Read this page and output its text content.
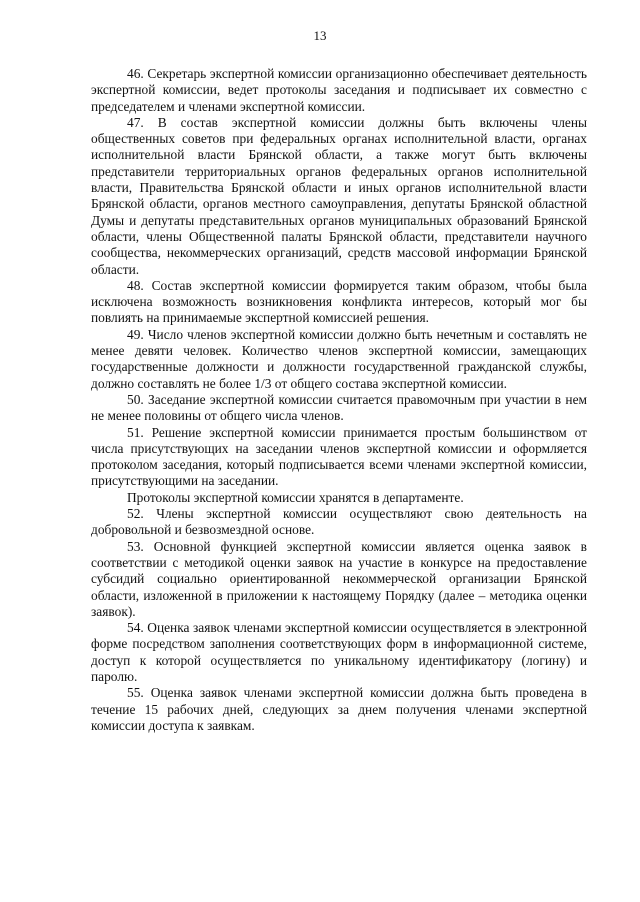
13

46. Секретарь экспертной комиссии организационно обеспечивает деятельность экспертной комиссии, ведет протоколы заседания и подписывает их совместно с председателем и членами экспертной комиссии.

47. В состав экспертной комиссии должны быть включены члены общественных советов при федеральных органах исполнительной власти, органах исполнительной власти Брянской области, а также могут быть включены представители территориальных органов федеральных органов исполнительной власти, Правительства Брянской области и иных органов исполнительной власти Брянской области, органов местного самоуправления, депутаты Брянской областной Думы и депутаты представительных органов муниципальных образований Брянской области, члены Общественной палаты Брянской области, представители научного сообщества, некоммерческих организаций, средств массовой информации Брянской области.

48. Состав экспертной комиссии формируется таким образом, чтобы была исключена возможность возникновения конфликта интересов, который мог бы повлиять на принимаемые экспертной комиссией решения.

49. Число членов экспертной комиссии должно быть нечетным и составлять не менее девяти человек. Количество членов экспертной комиссии, замещающих государственные должности и должности государственной гражданской службы, должно составлять не более 1/3 от общего состава экспертной комиссии.

50. Заседание экспертной комиссии считается правомочным при участии в нем не менее половины от общего числа членов.

51. Решение экспертной комиссии принимается простым большинством от числа присутствующих на заседании членов экспертной комиссии и оформляется протоколом заседания, который подписывается всеми членами экспертной комиссии, присутствующими на заседании.

Протоколы экспертной комиссии хранятся в департаменте.

52. Члены экспертной комиссии осуществляют свою деятельность на добровольной и безвозмездной основе.

53. Основной функцией экспертной комиссии является оценка заявок в соответствии с методикой оценки заявок на участие в конкурсе на предоставление субсидий социально ориентированной некоммерческой организации Брянской области, изложенной в приложении к настоящему Порядку (далее – методика оценки заявок).

54. Оценка заявок членами экспертной комиссии осуществляется в электронной форме посредством заполнения соответствующих форм в информационной системе, доступ к которой осуществляется по уникальному идентификатору (логину) и паролю.

55. Оценка заявок членами экспертной комиссии должна быть проведена в течение 15 рабочих дней, следующих за днем получения членами экспертной комиссии доступа к заявкам.
